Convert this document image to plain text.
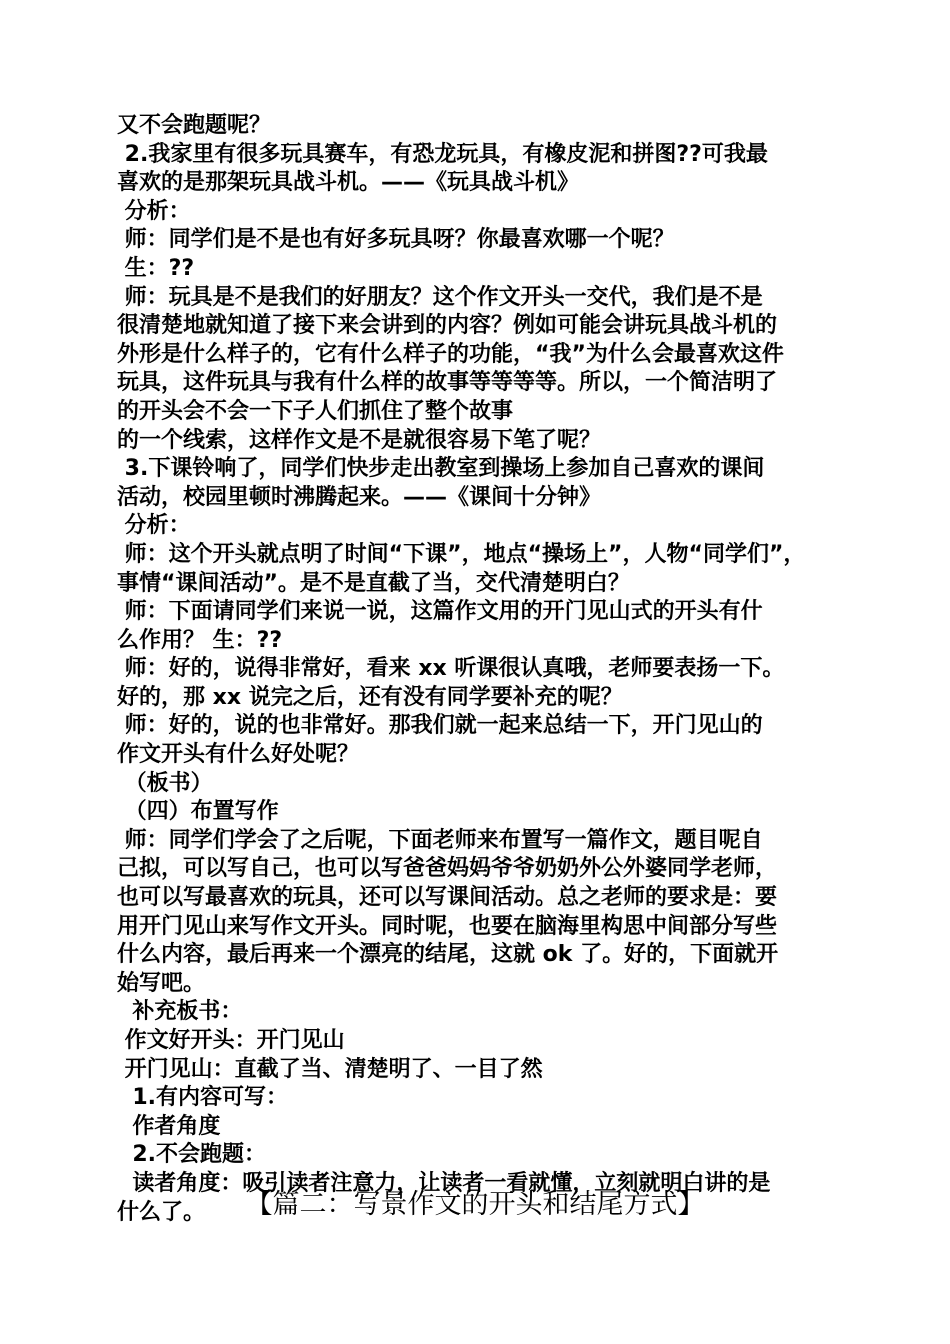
又不会跑题呢？
2.我家里有很多玩具赛车，有恐龙玩具，有橡皮泥和拼图??可我最
喜欢的是那架玩具战斗机。——《玩具战斗机》
分析：
师：同学们是不是也有好多玩具呀？你最喜欢哪一个呢？
生：??
师：玩具是不是我们的好朋友？这个作文开头一交代，我们是不是
很清楚地就知道了接下来会讲到的内容？例如可能会讲玩具战斗机的
外形是什么样子的，它有什么样子的功能，“我”为什么会最喜欢这件
玩具，这件玩具与我有什么样的故事等等等等。所以，一个简洁明了
的开头会不会一下子人们抓住了整个故事
的一个线索，这样作文是不是就很容易下笔了呢？
3.下课铃响了，同学们快步走出教室到操场上参加自己喜欢的课间
活动，校园里顿时沸腾起来。——《课间十分钟》
分析：
师：这个开头就点明了时间“下课”，地点“操场上”，人物“同学们”，
事情“课间活动”。是不是直截了当，交代清楚明白？
师：下面请同学们来说一说，这篇作文用的开门见山式的开头有什
么作用？ 生：??
师：好的，说得非常好，看来 xx 听课很认真哦，老师要表扬一下。
好的，那 xx 说完之后，还有没有同学要补充的呢？
师：好的，说的也非常好。那我们就一起来总结一下，开门见山的
作文开头有什么好处呢？
（板书）
（四）布置写作
师：同学们学会了之后呢，下面老师来布置写一篇作文，题目呢自
己拟，可以写自己，也可以写爸爸妈妈爷爷奶奶外公外婆同学老师，
也可以写最喜欢的玩具，还可以写课间活动。总之老师的要求是：要
用开门见山来写作文开头。同时呢，也要在脑海里构思中间部分写些
什么内容，最后再来一个漂亮的结尾，这就 ok 了。好的，下面就开
始写吧。
补充板书：
作文好开头：开门见山
开门见山：直截了当、清楚明了、一目了然
1.有内容可写：
作者角度
2.不会跑题：
读者角度：吸引读者注意力，让读者一看就懂，立刻就明白讲的是
什么了。	【篇二：写景作文的开头和结尾方式】
